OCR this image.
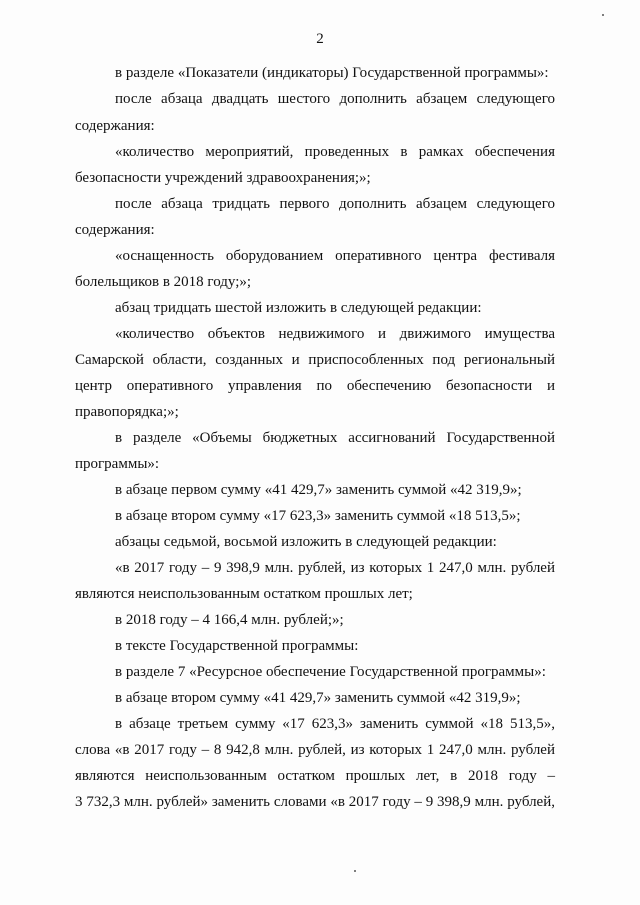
2
в разделе «Показатели (индикаторы) Государственной программы»:
после абзаца двадцать шестого дополнить абзацем следующего
содержания:
«количество мероприятий, проведенных в рамках обеспечения
безопасности учреждений здравоохранения;»;
после абзаца тридцать первого дополнить абзацем следующего
содержания:
«оснащенность оборудованием оперативного центра фестиваля
болельщиков в 2018 году;»;
абзац тридцать шестой изложить в следующей редакции:
«количество объектов недвижимого и движимого имущества
Самарской области, созданных и приспособленных под региональный
центр оперативного управления по обеспечению безопасности и
правопорядка;»;
в разделе «Объемы бюджетных ассигнований Государственной
программы»:
в абзаце первом сумму «41 429,7» заменить суммой «42 319,9»;
в абзаце втором сумму «17 623,3» заменить суммой «18 513,5»;
абзацы седьмой, восьмой изложить в следующей редакции:
«в 2017 году – 9 398,9 млн. рублей, из которых 1 247,0 млн. рублей
являются неиспользованным остатком прошлых лет;
в 2018 году – 4 166,4 млн. рублей;»;
в тексте Государственной программы:
в разделе 7 «Ресурсное обеспечение Государственной программы»:
в абзаце втором сумму «41 429,7» заменить суммой «42 319,9»;
в абзаце третьем сумму «17 623,3» заменить суммой «18 513,5»,
слова «в 2017 году – 8 942,8 млн. рублей, из которых 1 247,0 млн. рублей
являются неиспользованным остатком прошлых лет, в 2018 году –
3 732,3 млн. рублей» заменить словами «в 2017 году – 9 398,9 млн. рублей,
